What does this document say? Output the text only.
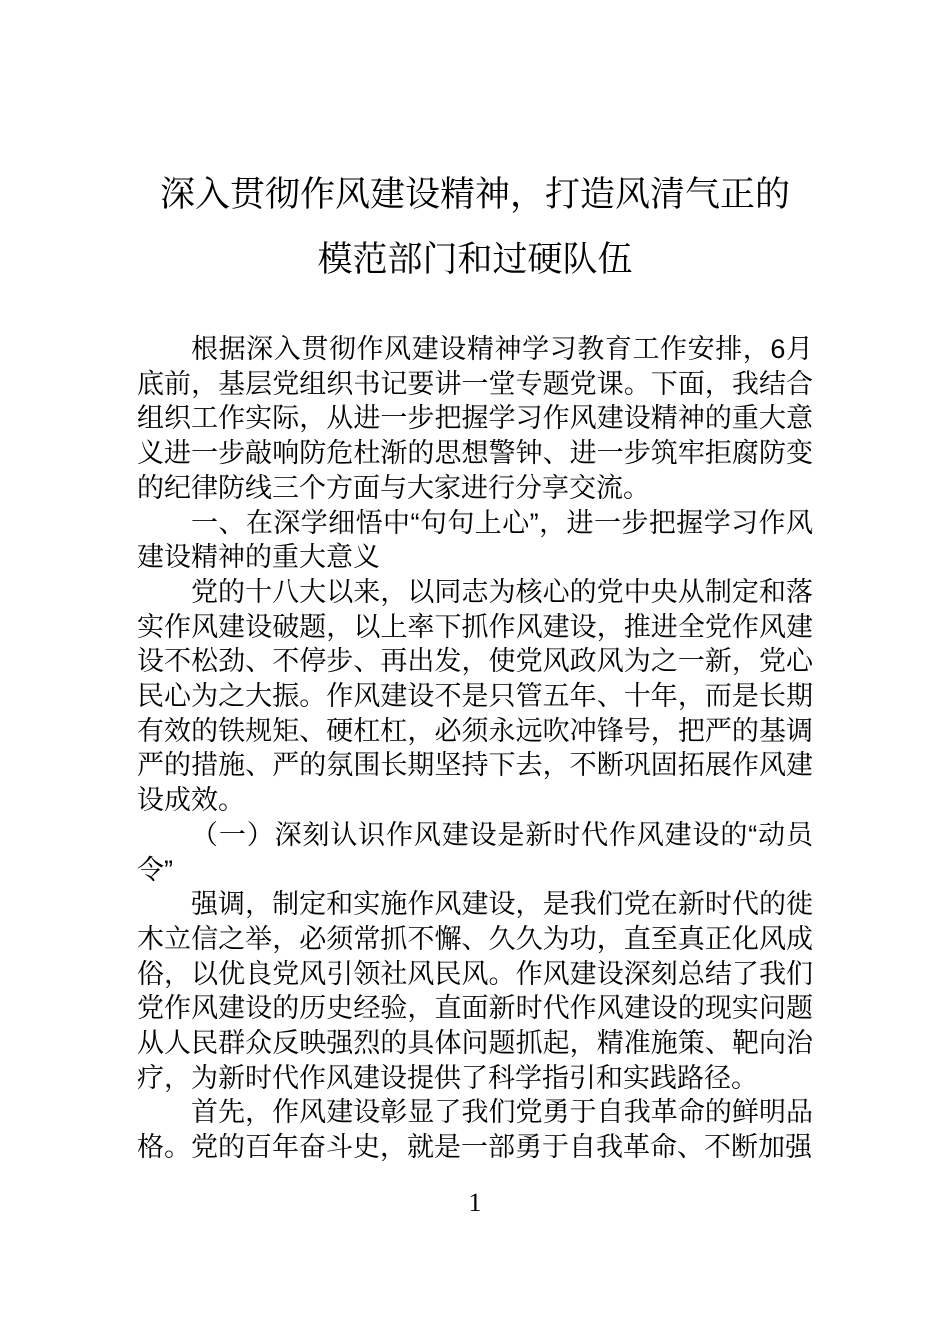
深入贯彻作风建设精神，打造风清气正的
模范部门和过硬队伍

根据深入贯彻作风建设精神学习教育工作安排，6月底前，基层党组织书记要讲一堂专题党课。下面，我结合组织工作实际，从进一步把握学习作风建设精神的重大意义进一步敲响防危杜渐的思想警钟、进一步筑牢拒腐防变的纪律防线三个方面与大家进行分享交流。

一、在深学细悟中“句句上心”，进一步把握学习作风建设精神的重大意义

党的十八大以来，以同志为核心的党中央从制定和落实作风建设破题，以上率下抓作风建设，推进全党作风建设不松劲、不停步、再出发，使党风政风为之一新，党心民心为之大振。作风建设不是只管五年、十年，而是长期有效的铁规矩、硬杠杠，必须永远吹冲锋号，把严的基调严的措施、严的氛围长期坚持下去，不断巩固拓展作风建设成效。

（一）深刻认识作风建设是新时代作风建设的“动员令”

强调，制定和实施作风建设，是我们党在新时代的徙木立信之举，必须常抓不懈、久久为功，直至真正化风成俗，以优良党风引领社风民风。作风建设深刻总结了我们党作风建设的历史经验，直面新时代作风建设的现实问题从人民群众反映强烈的具体问题抓起，精准施策、靶向治疗，为新时代作风建设提供了科学指引和实践路径。

首先，作风建设彰显了我们党勇于自我革命的鲜明品格。党的百年奋斗史，就是一部勇于自我革命、不断加强

1
